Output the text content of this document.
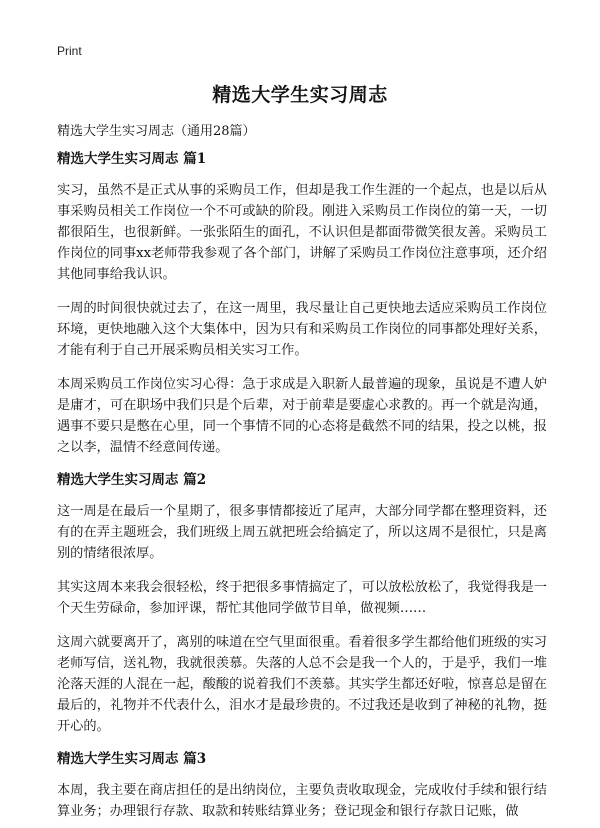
Print
精选大学生实习周志

精选大学生实习周志（通用28篇）

精选大学生实习周志 篇1

实习，虽然不是正式从事的采购员工作，但却是我工作生涯的一个起点，也是以后从事采购员相关工作岗位一个不可或缺的阶段。刚进入采购员工作岗位的第一天，一切都很陌生，也很新鲜。一张张陌生的面孔，不认识但是都面带微笑很友善。采购员工作岗位的同事xx老师带我参观了各个部门，讲解了采购员工作岗位注意事项，还介绍其他同事给我认识。

一周的时间很快就过去了，在这一周里，我尽量让自己更快地去适应采购员工作岗位环境，更快地融入这个大集体中，因为只有和采购员工作岗位的同事都处理好关系，才能有利于自己开展采购员相关实习工作。

本周采购员工作岗位实习心得：急于求成是入职新人最普遍的现象，虽说是不遭人妒是庸才，可在职场中我们只是个后辈，对于前辈是要虚心求教的。再一个就是沟通，遇事不要只是憋在心里，同一个事情不同的心态将是截然不同的结果，投之以桃，报之以李，温情不经意间传递。

精选大学生实习周志 篇2

这一周是在最后一个星期了，很多事情都接近了尾声，大部分同学都在整理资料，还有的在弄主题班会，我们班级上周五就把班会给搞定了，所以这周不是很忙，只是离别的情绪很浓厚。

其实这周本来我会很轻松，终于把很多事情搞定了，可以放松放松了，我觉得我是一个天生劳碌命，参加评课，帮忙其他同学做节目单，做视频……

这周六就要离开了，离别的味道在空气里面很重。看着很多学生都给他们班级的实习老师写信，送礼物，我就很羡慕。失落的人总不会是我一个人的，于是乎，我们一堆沦落天涯的人混在一起，酸酸的说着我们不羡慕。其实学生都还好啦，惊喜总是留在最后的，礼物并不代表什么，泪水才是最珍贵的。不过我还是收到了神秘的礼物，挺开心的。

精选大学生实习周志 篇3

本周，我主要在商店担任的是出纳岗位，主要负责收取现金，完成收付手续和银行结算业务；办理银行存款、取款和转账结算业务；登记现金和银行存款日记账，做
